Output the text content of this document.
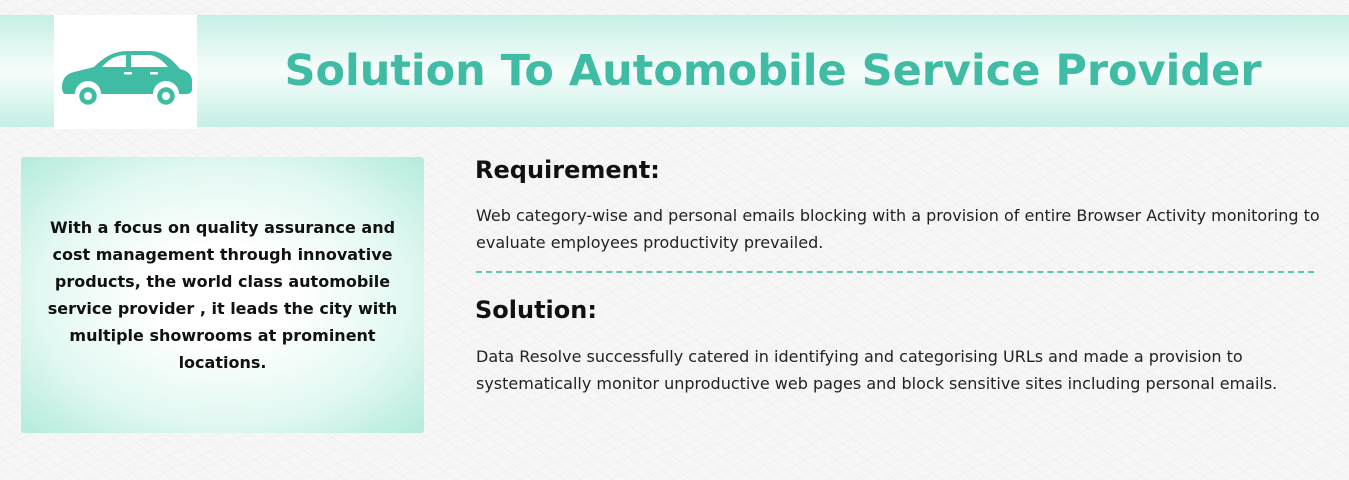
Solution To Automobile Service Provider

With a focus on quality assurance and cost management through innovative products, the world class automobile service provider , it leads the city with multiple showrooms at prominent locations.

Requirement:

Web category-wise and personal emails blocking with a provision of entire Browser Activity monitoring to evaluate employees productivity prevailed.

Solution:

Data Resolve successfully catered in identifying and categorising URLs and made a provision to systematically monitor unproductive web pages and block sensitive sites including personal emails.
